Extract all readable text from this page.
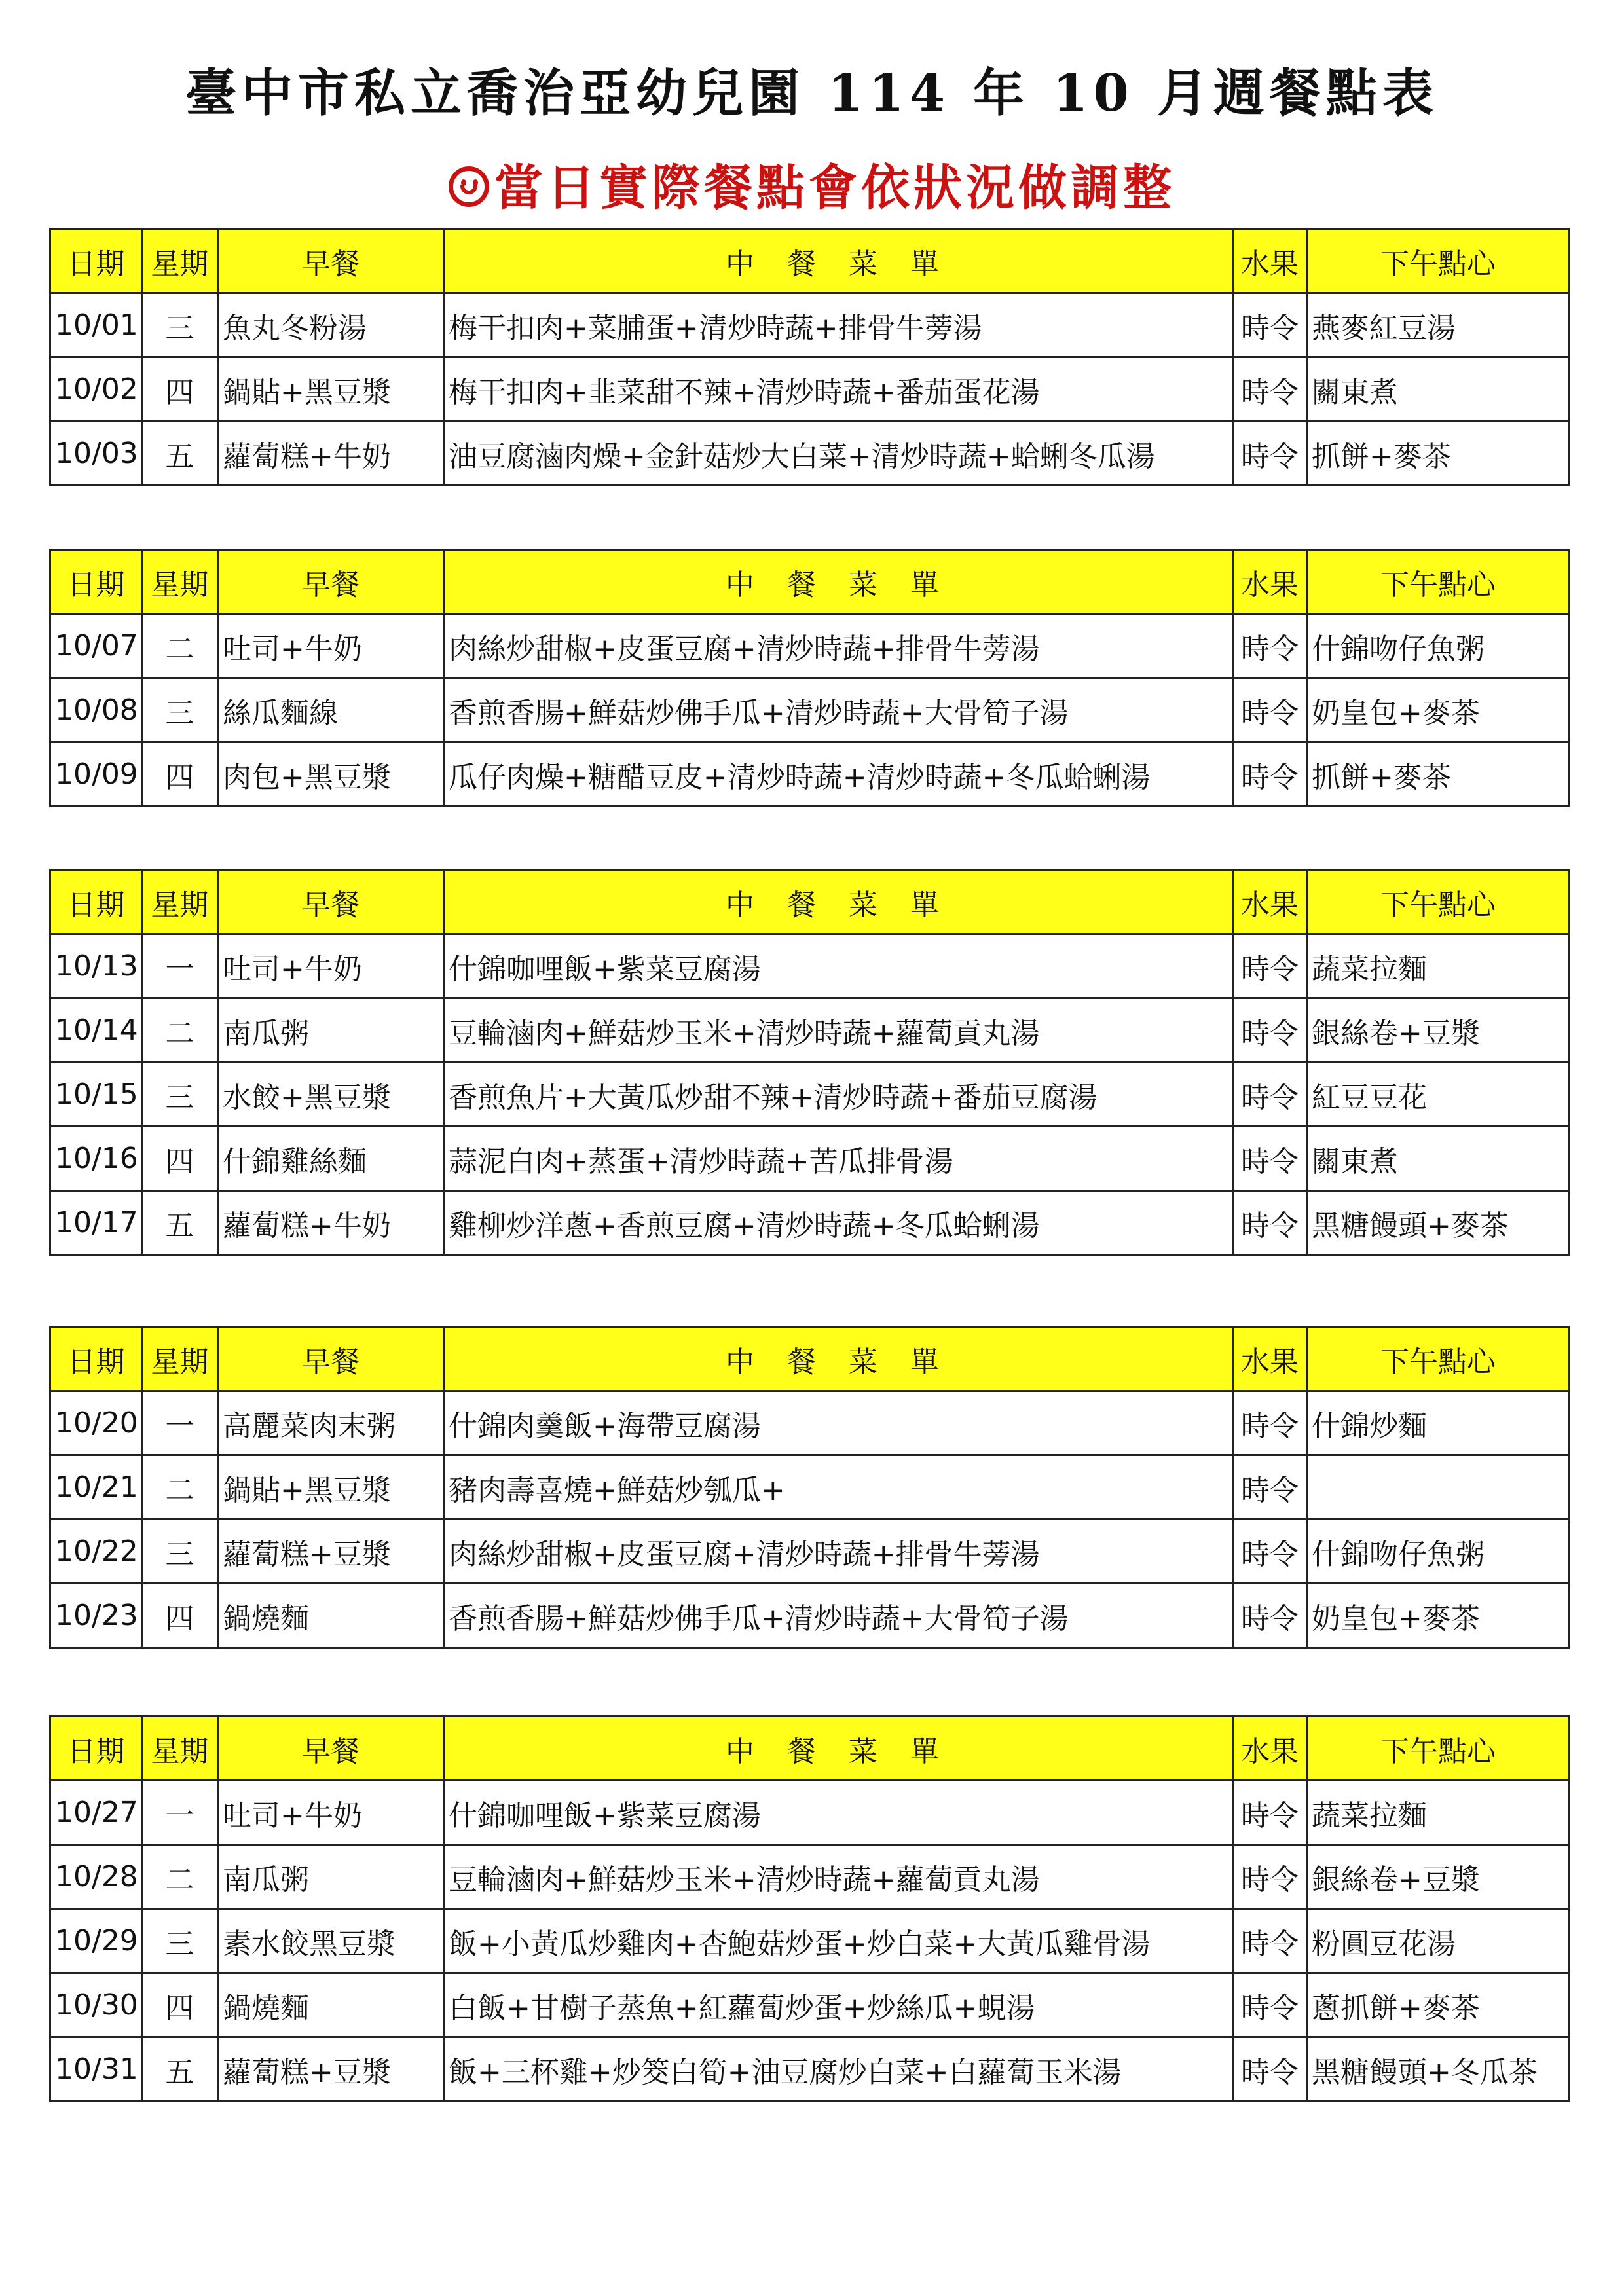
臺中市私立喬治亞幼兒園 114 年 10 月週餐點表
當日實際餐點會依狀況做調整
日期	星期	早餐	中 餐 菜 單	水果	下午點心
10/01	三	魚丸冬粉湯	梅干扣肉+菜脯蛋+清炒時蔬+排骨牛蒡湯	時令	燕麥紅豆湯
10/02	四	鍋貼+黑豆漿	梅干扣肉+韭菜甜不辣+清炒時蔬+番茄蛋花湯	時令	關東煮
10/03	五	蘿蔔糕+牛奶	油豆腐滷肉燥+金針菇炒大白菜+清炒時蔬+蛤蜊冬瓜湯	時令	抓餅+麥茶
日期	星期	早餐	中 餐 菜 單	水果	下午點心
10/07	二	吐司+牛奶	肉絲炒甜椒+皮蛋豆腐+清炒時蔬+排骨牛蒡湯	時令	什錦吻仔魚粥
10/08	三	絲瓜麵線	香煎香腸+鮮菇炒佛手瓜+清炒時蔬+大骨筍子湯	時令	奶皇包+麥茶
10/09	四	肉包+黑豆漿	瓜仔肉燥+糖醋豆皮+清炒時蔬+清炒時蔬+冬瓜蛤蜊湯	時令	抓餅+麥茶
日期	星期	早餐	中 餐 菜 單	水果	下午點心
10/13	一	吐司+牛奶	什錦咖哩飯+紫菜豆腐湯	時令	蔬菜拉麵
10/14	二	南瓜粥	豆輪滷肉+鮮菇炒玉米+清炒時蔬+蘿蔔貢丸湯	時令	銀絲卷+豆漿
10/15	三	水餃+黑豆漿	香煎魚片+大黃瓜炒甜不辣+清炒時蔬+番茄豆腐湯	時令	紅豆豆花
10/16	四	什錦雞絲麵	蒜泥白肉+蒸蛋+清炒時蔬+苦瓜排骨湯	時令	關東煮
10/17	五	蘿蔔糕+牛奶	雞柳炒洋蔥+香煎豆腐+清炒時蔬+冬瓜蛤蜊湯	時令	黑糖饅頭+麥茶
日期	星期	早餐	中 餐 菜 單	水果	下午點心
10/20	一	高麗菜肉末粥	什錦肉羹飯+海帶豆腐湯	時令	什錦炒麵
10/21	二	鍋貼+黑豆漿	豬肉壽喜燒+鮮菇炒瓠瓜+	時令	
10/22	三	蘿蔔糕+豆漿	肉絲炒甜椒+皮蛋豆腐+清炒時蔬+排骨牛蒡湯	時令	什錦吻仔魚粥
10/23	四	鍋燒麵	香煎香腸+鮮菇炒佛手瓜+清炒時蔬+大骨筍子湯	時令	奶皇包+麥茶
日期	星期	早餐	中 餐 菜 單	水果	下午點心
10/27	一	吐司+牛奶	什錦咖哩飯+紫菜豆腐湯	時令	蔬菜拉麵
10/28	二	南瓜粥	豆輪滷肉+鮮菇炒玉米+清炒時蔬+蘿蔔貢丸湯	時令	銀絲卷+豆漿
10/29	三	素水餃黑豆漿	飯+小黃瓜炒雞肉+杏鮑菇炒蛋+炒白菜+大黃瓜雞骨湯	時令	粉圓豆花湯
10/30	四	鍋燒麵	白飯+甘樹子蒸魚+紅蘿蔔炒蛋+炒絲瓜+蜆湯	時令	蔥抓餅+麥茶
10/31	五	蘿蔔糕+豆漿	飯+三杯雞+炒筊白筍+油豆腐炒白菜+白蘿蔔玉米湯	時令	黑糖饅頭+冬瓜茶
